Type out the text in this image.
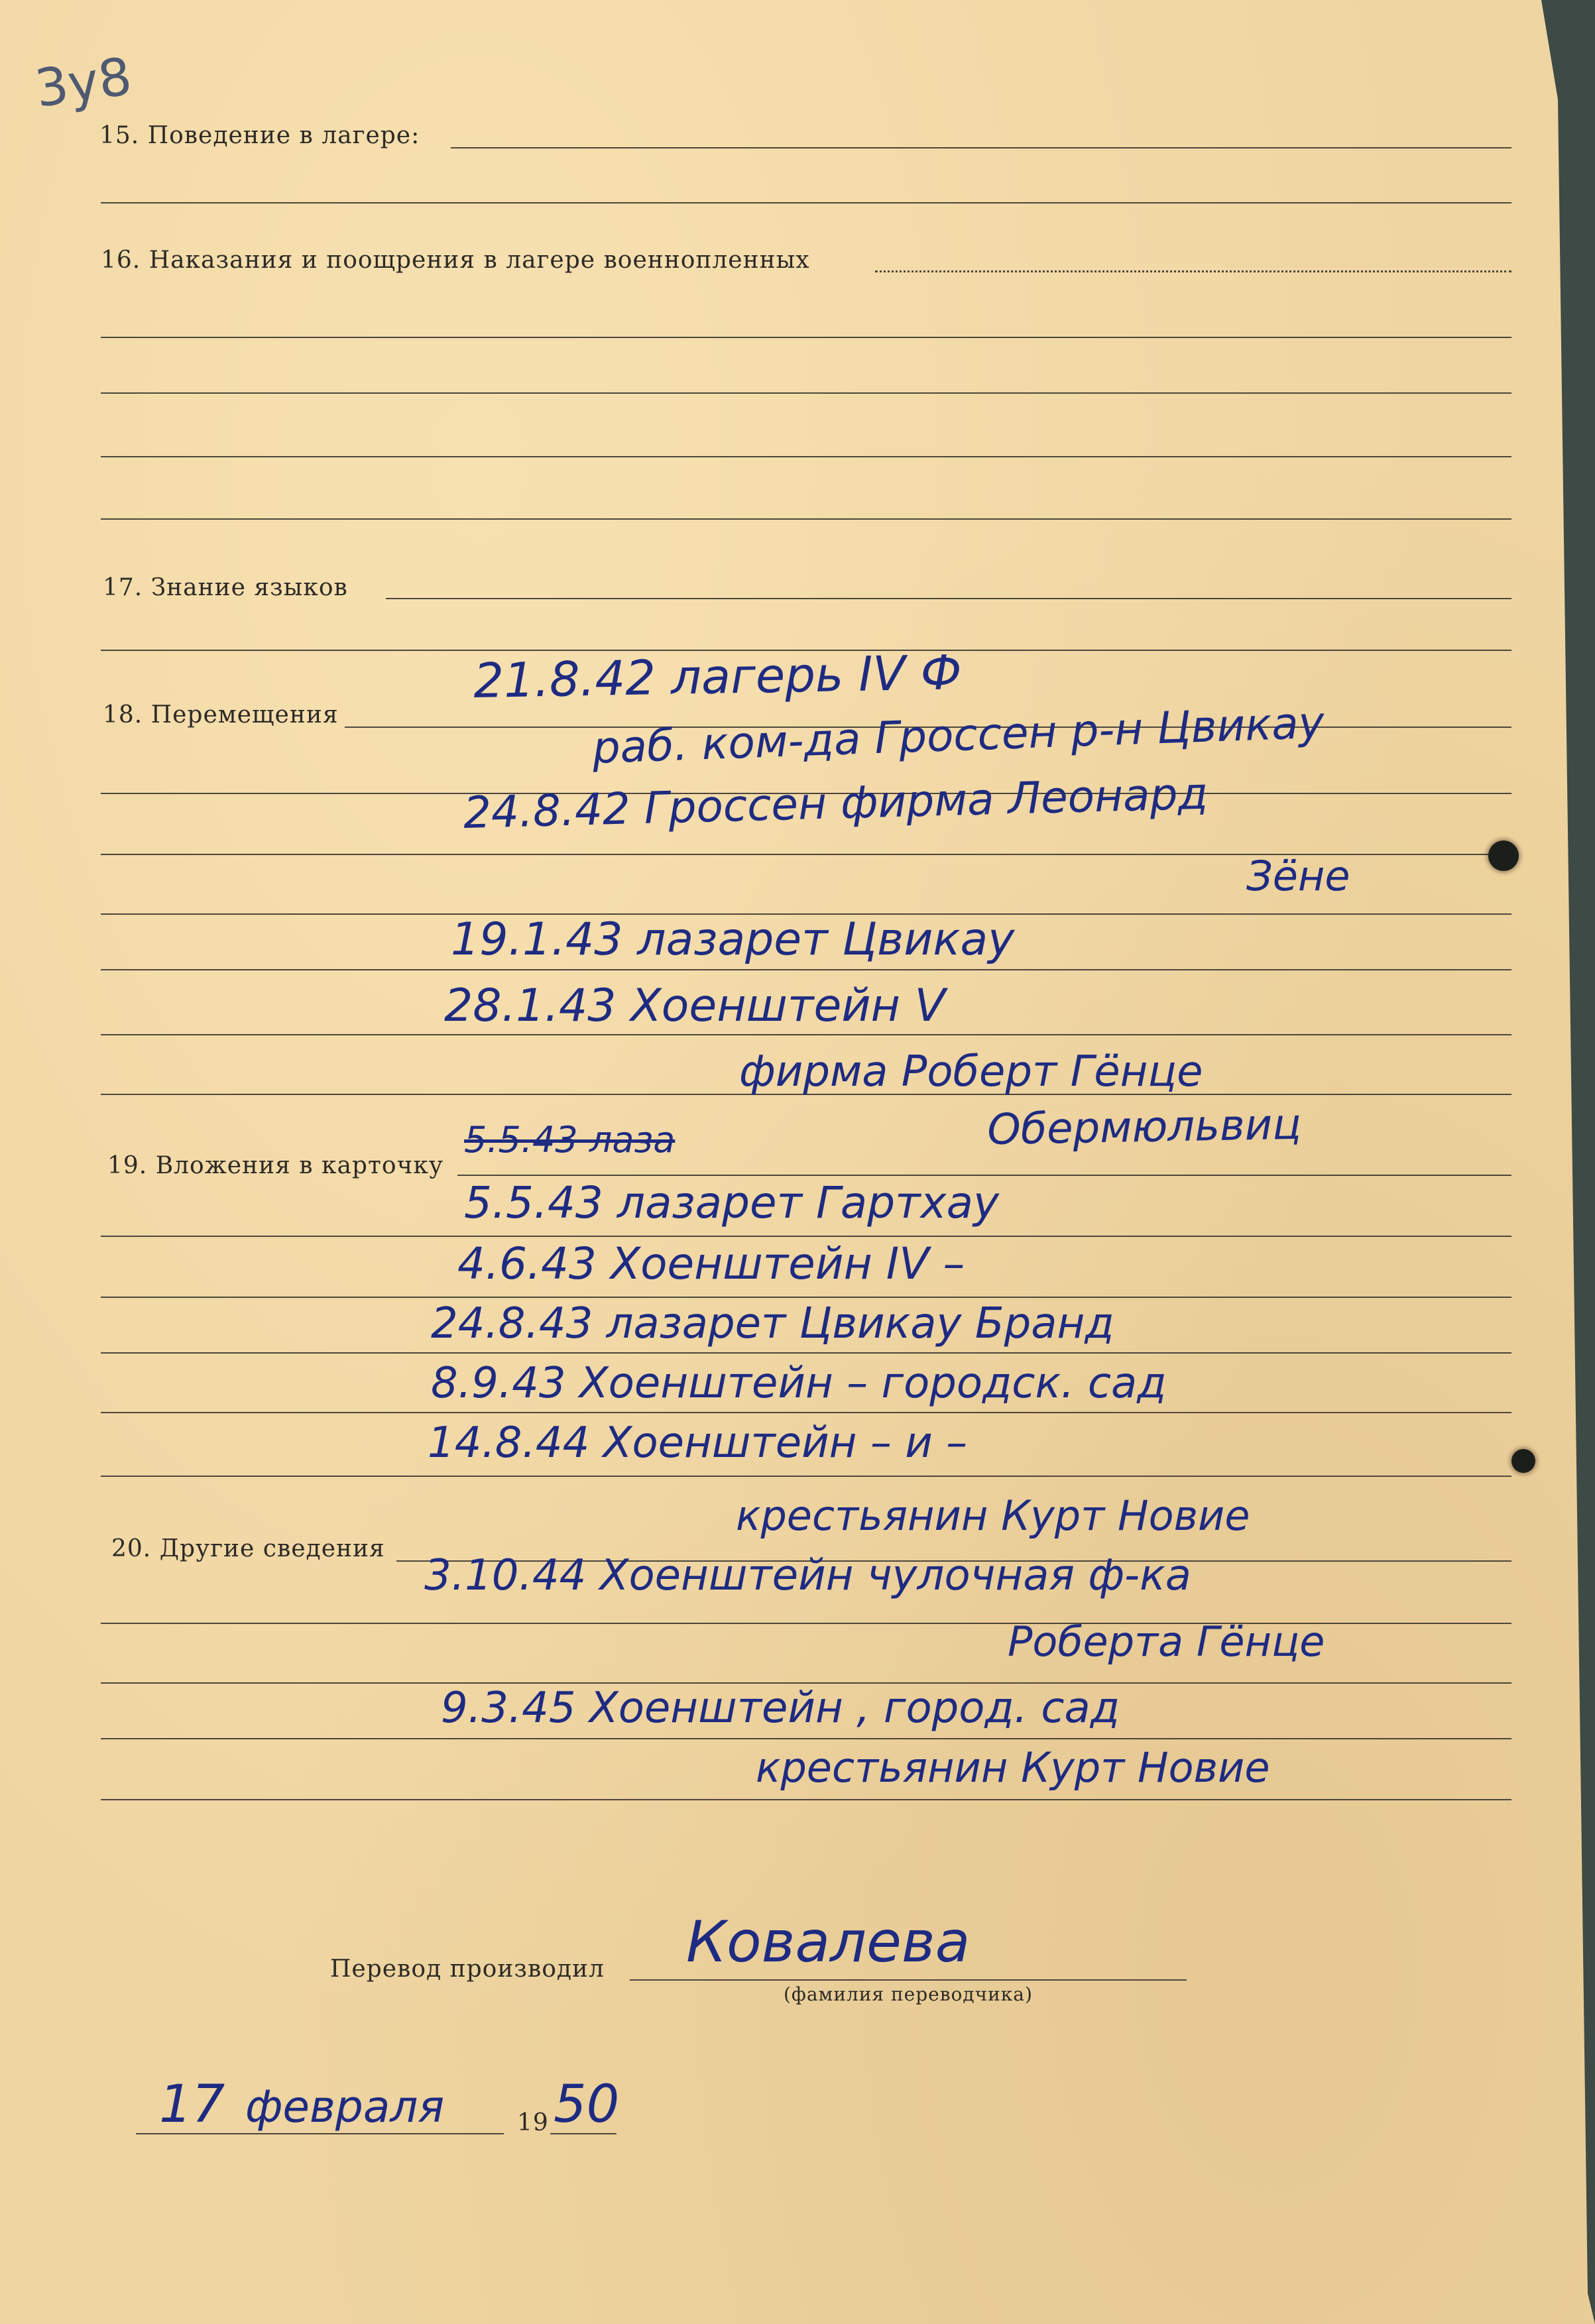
3у8
15. Поведение в лагере:
16. Наказания и поощрения в лагере военнопленных
17. Знание языков
18. Перемещения
19. Вложения в карточку
20. Другие сведения
Перевод производил
(фамилия переводчика)
19
21.8.42 лагерь IV Ф
раб. ком-да Гроссен р-н Цвикау
24.8.42 Гроссен фирма Леонард
Зёне
19.1.43 лазарет Цвикау
28.1.43 Хоенштейн V
фирма Роберт Гёнце
5.5.43 лаза	Обермюльвиц
5.5.43 лазарет Гартхау
4.6.43 Хоенштейн IV –
24.8.43 лазарет Цвикау Бранд
8.9.43 Хоенштейн – городск. сад
14.8.44 Хоенштейн – и –
крестьянин Курт Новие
3.10.44 Хоенштейн чулочная ф-ка
Роберта Гёнце
9.3.45 Хоенштейн , город. сад
крестьянин Курт Новие
Ковалева
17 февраля 50
